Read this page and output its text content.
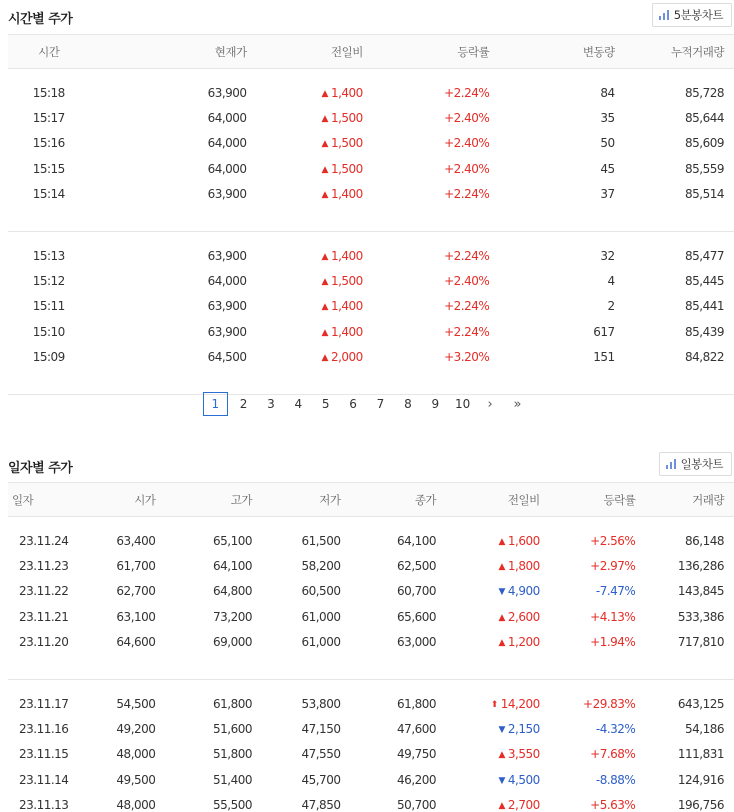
시간별 주가	5분봉차트
시간	현재가	전일비	등락률	변동량	누적거래량

15:18	63,900	▲ 1,400	+2.24%	84	85,728
15:17	64,000	▲ 1,500	+2.40%	35	85,644
15:16	64,000	▲ 1,500	+2.40%	50	85,609
15:15	64,000	▲ 1,500	+2.40%	45	85,559
15:14	63,900	▲ 1,400	+2.24%	37	85,514

15:13	63,900	▲ 1,400	+2.24%	32	85,477
15:12	64,000	▲ 1,500	+2.40%	4	85,445
15:11	63,900	▲ 1,400	+2.24%	2	85,441
15:10	63,900	▲ 1,400	+2.24%	617	85,439
15:09	64,500	▲ 2,000	+3.20%	151	84,822

1	2	3	4	5	6	7	8	9	10	›	»
일자별 주가	일봉차트
일자	시가	고가	저가	종가	전일비	등락률	거래량

23.11.24	63,400	65,100	61,500	64,100	▲ 1,600	+2.56%	86,148
23.11.23	61,700	64,100	58,200	62,500	▲ 1,800	+2.97%	136,286
23.11.22	62,700	64,800	60,500	60,700	▼ 4,900	-7.47%	143,845
23.11.21	63,100	73,200	61,000	65,600	▲ 2,600	+4.13%	533,386
23.11.20	64,600	69,000	61,000	63,000	▲ 1,200	+1.94%	717,810

23.11.17	54,500	61,800	53,800	61,800	⬆ 14,200	+29.83%	643,125
23.11.16	49,200	51,600	47,150	47,600	▼ 2,150	-4.32%	54,186
23.11.15	48,000	51,800	47,550	49,750	▲ 3,550	+7.68%	111,831
23.11.14	49,500	51,400	45,700	46,200	▼ 4,500	-8.88%	124,916
23.11.13	48,000	55,500	47,850	50,700	▲ 2,700	+5.63%	196,756
